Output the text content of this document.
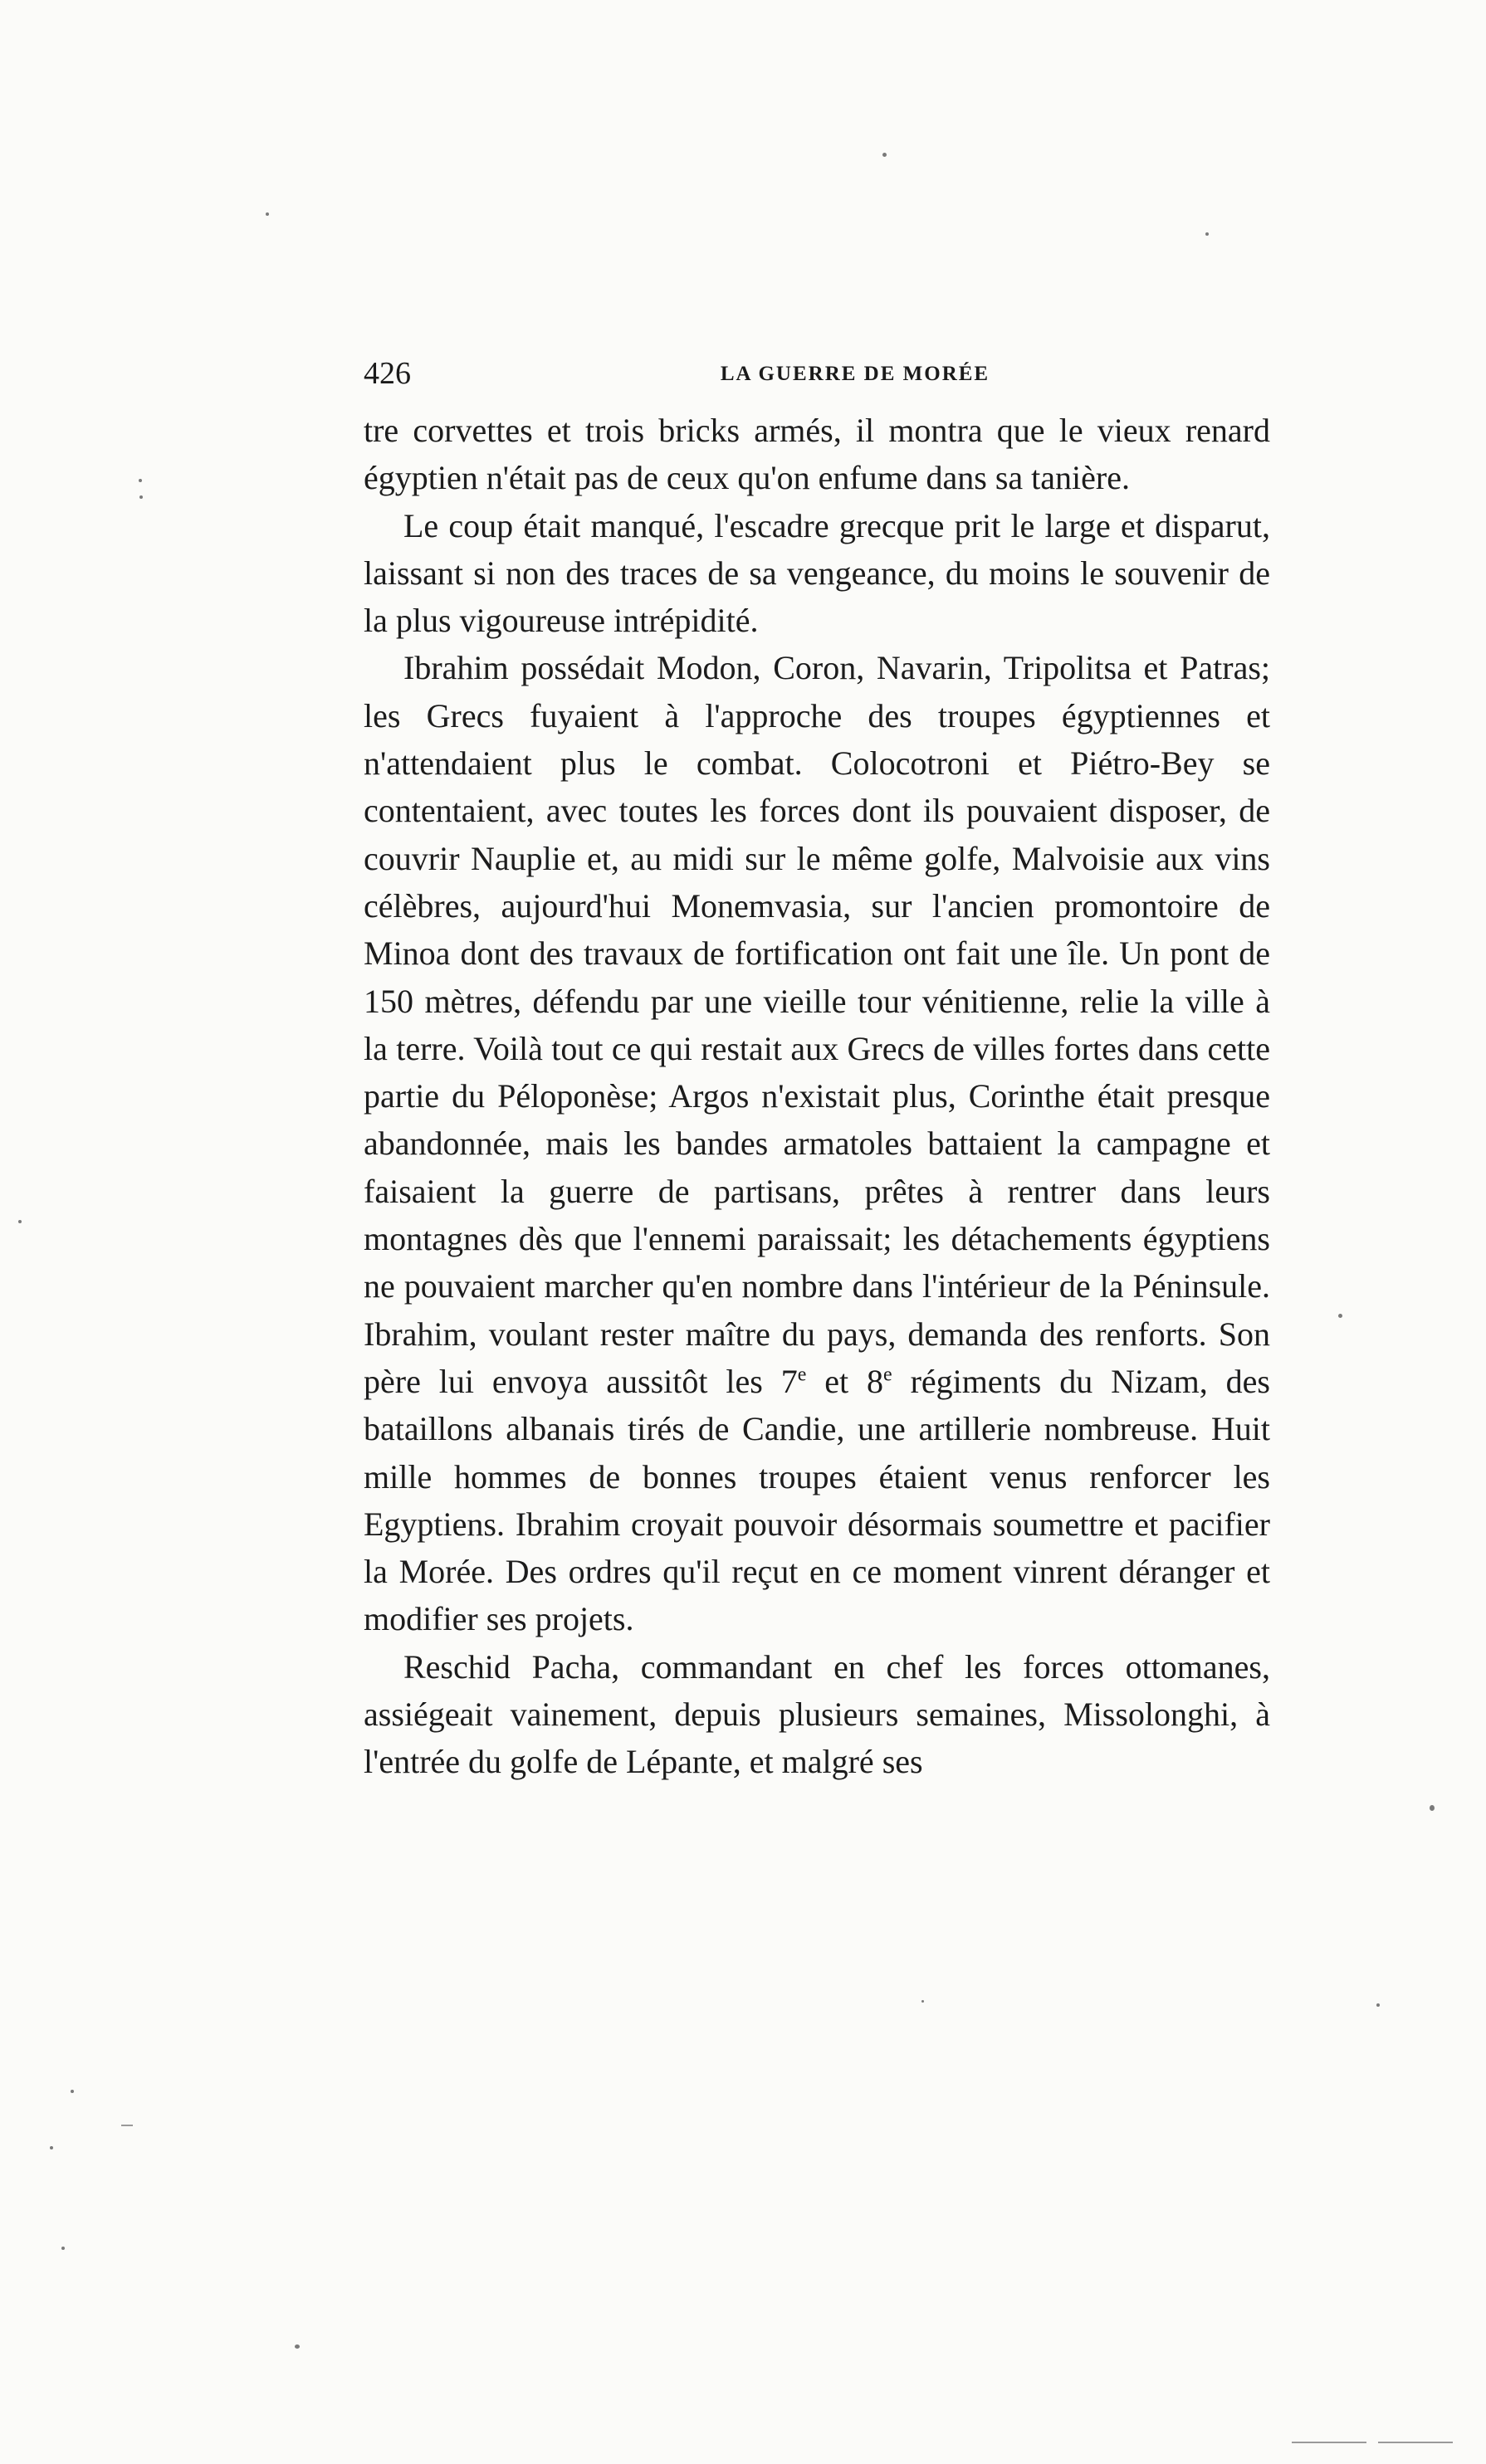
426	LA GUERRE DE MORÉE

tre corvettes et trois bricks armés, il montra que le vieux renard égyptien n'était pas de ceux qu'on enfume dans sa tanière.

Le coup était manqué, l'escadre grecque prit le large et disparut, laissant si non des traces de sa vengeance, du moins le souvenir de la plus vigoureuse intrépidité.

Ibrahim possédait Modon, Coron, Navarin, Tripolitsa et Patras; les Grecs fuyaient à l'approche des troupes égyptiennes et n'attendaient plus le combat. Colocotroni et Piétro-Bey se contentaient, avec toutes les forces dont ils pouvaient disposer, de couvrir Nauplie et, au midi sur le même golfe, Malvoisie aux vins célèbres, aujourd'hui Monemvasia, sur l'ancien promontoire de Minoa dont des travaux de fortification ont fait une île. Un pont de 150 mètres, défendu par une vieille tour vénitienne, relie la ville à la terre. Voilà tout ce qui restait aux Grecs de villes fortes dans cette partie du Péloponèse; Argos n'existait plus, Corinthe était presque abandonnée, mais les bandes armatoles battaient la campagne et faisaient la guerre de partisans, prêtes à rentrer dans leurs montagnes dès que l'ennemi paraissait; les détachements égyptiens ne pouvaient marcher qu'en nombre dans l'intérieur de la Péninsule. Ibrahim, voulant rester maître du pays, demanda des renforts. Son père lui envoya aussitôt les 7e et 8e régiments du Nizam, des bataillons albanais tirés de Candie, une artillerie nombreuse. Huit mille hommes de bonnes troupes étaient venus renforcer les Egyptiens. Ibrahim croyait pouvoir désormais soumettre et pacifier la Morée. Des ordres qu'il reçut en ce moment vinrent déranger et modifier ses projets.

Reschid Pacha, commandant en chef les forces ottomanes, assiégeait vainement, depuis plusieurs semaines, Missolonghi, à l'entrée du golfe de Lépante, et malgré ses
